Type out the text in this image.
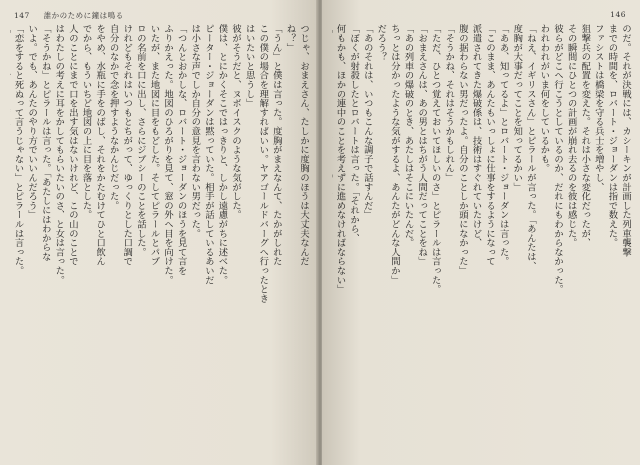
147 　 誰かのために鐘は鳴る
つじゃ、おまえさん、たしかに度胸のほうは大丈夫なんだ
ね？」
「うん」と僕は言った。度胸がまえなんて、たかがしれた
この僕の場合を理解すればいい。ヤアゴールドバーグへ行ったとき
はいたいと思うし」
彼がそうだと、ヌボイスクのような気がした。
僕は、とにかくそこではっきりと、しかし遠慮がちに述べた。
ピーター・ジョーダンは黙っていた。相手が話しているあいだ
は小さな声でしか自分の意見を言わない男だった。
「つんとおかしな、ロバート・ジョーダンのほうを見て言を
ふりかえった。地図のひろがりを見て、窓の外へ目を向けた。
いたが、また地図に目をもどした。そしてピラールとパブ
ロの名前を口に出し、さらにジプシーのことを話した。
けれどもそれはいつもとちがって、ゆっくりとした口調で
自分のなかで念を押すようなかんじだった。
をやめ、水瓶に手をのばし、それをかたむけてひと口飲ん
でから、もういちど地図の上に目を落とした。
人のことにまで口を出す気はないけれど、この山のことで
はわたしの考えに耳をかしてもらいたいのさ、と女は言った。
「そうかね」とピラールは言った。「あたしにはわからな
いよ。でも、あんたのやり方でいいんだろう」
「恋をすると死ぬって言うじゃない」とピラールは言った。
146
のだ。それが決戦には、カシーキンが計画した列車襲撃
までの時間を、ロバート・ジョーダンは指で数えた。
ファシストは橋梁を守る兵士を増やし、
狙撃兵の配置を変えた。それは小さな変化だったが、
その瞬間にひとつの計画が崩れ去るのを彼は感じた。
彼らがどこへ行こうとしているのか、だれにもわからなかった。
われわれがいま何をしているかも。
「ねえ、イギリスさん」とピラールが言った。「あんたは、
度胸が大事だってことを知ってるかい」
「ああ、知ってるよ」とロバート・ジョーダンは言った。
「このまま、あんたもいっしょに仕事をするようになって
派遣されてきた爆破係は、技術はすぐれていたけど、
腹の据わらない男だったよ。自分のことしか頭になかった」
「そうかね、それはそうかもしれん」
「ただ、ひとつ覚えておいてほしいのさ」とピラールは言った。
「おまえさんは、あの男とはちがう人間だってことをね」
「あの列車の爆破のとき、あたしはそこにいたんだ。
ちっとは分かったような気がするよ、あんたがどんな人間か」
だろう？
「あのそれは、いつもこんな調子で話すんだ」
「ぼくが射殺したとロバートは言った。「それから、
何もかも、ほかの連中のことを考えずに進めなければならない」
